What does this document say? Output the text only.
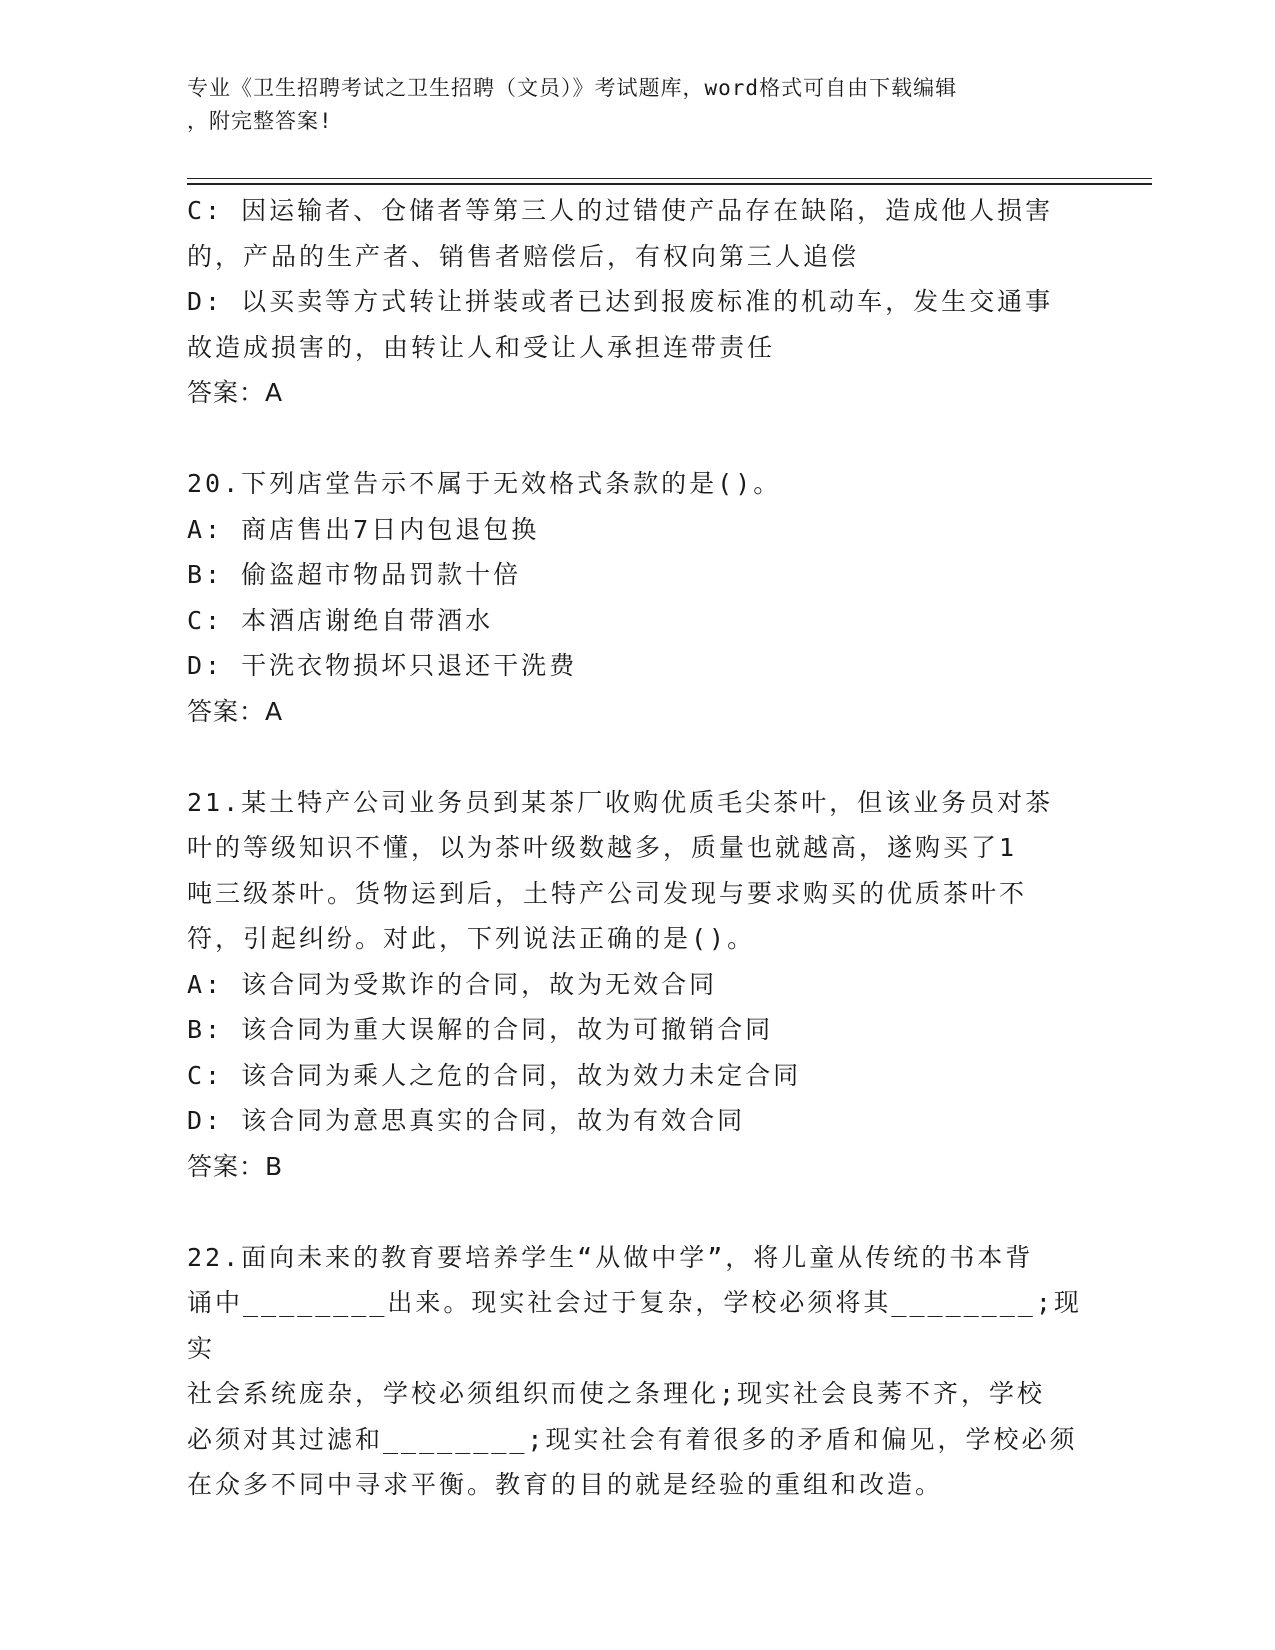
专业《卫生招聘考试之卫生招聘（文员）》考试题库，word格式可自由下载编辑
，附完整答案!

C: 因运输者、仓储者等第三人的过错使产品存在缺陷，造成他人损害

的，产品的生产者、销售者赔偿后，有权向第三人追偿

D: 以买卖等方式转让拼装或者已达到报废标准的机动车，发生交通事

故造成损害的，由转让人和受让人承担连带责任

答案：A

20.下列店堂告示不属于无效格式条款的是()。

A: 商店售出7日内包退包换

B: 偷盗超市物品罚款十倍

C: 本酒店谢绝自带酒水

D: 干洗衣物损坏只退还干洗费

答案：A

21.某土特产公司业务员到某茶厂收购优质毛尖茶叶，但该业务员对茶

叶的等级知识不懂，以为茶叶级数越多，质量也就越高，遂购买了1

吨三级茶叶。货物运到后，土特产公司发现与要求购买的优质茶叶不

符，引起纠纷。对此，下列说法正确的是()。

A: 该合同为受欺诈的合同，故为无效合同

B: 该合同为重大误解的合同，故为可撤销合同

C: 该合同为乘人之危的合同，故为效力未定合同

D: 该合同为意思真实的合同，故为有效合同

答案：B

22.面向未来的教育要培养学生“从做中学”，将儿童从传统的书本背

诵中________出来。现实社会过于复杂，学校必须将其________;现实

社会系统庞杂，学校必须组织而使之条理化;现实社会良莠不齐，学校

必须对其过滤和________;现实社会有着很多的矛盾和偏见，学校必须

在众多不同中寻求平衡。教育的目的就是经验的重组和改造。
